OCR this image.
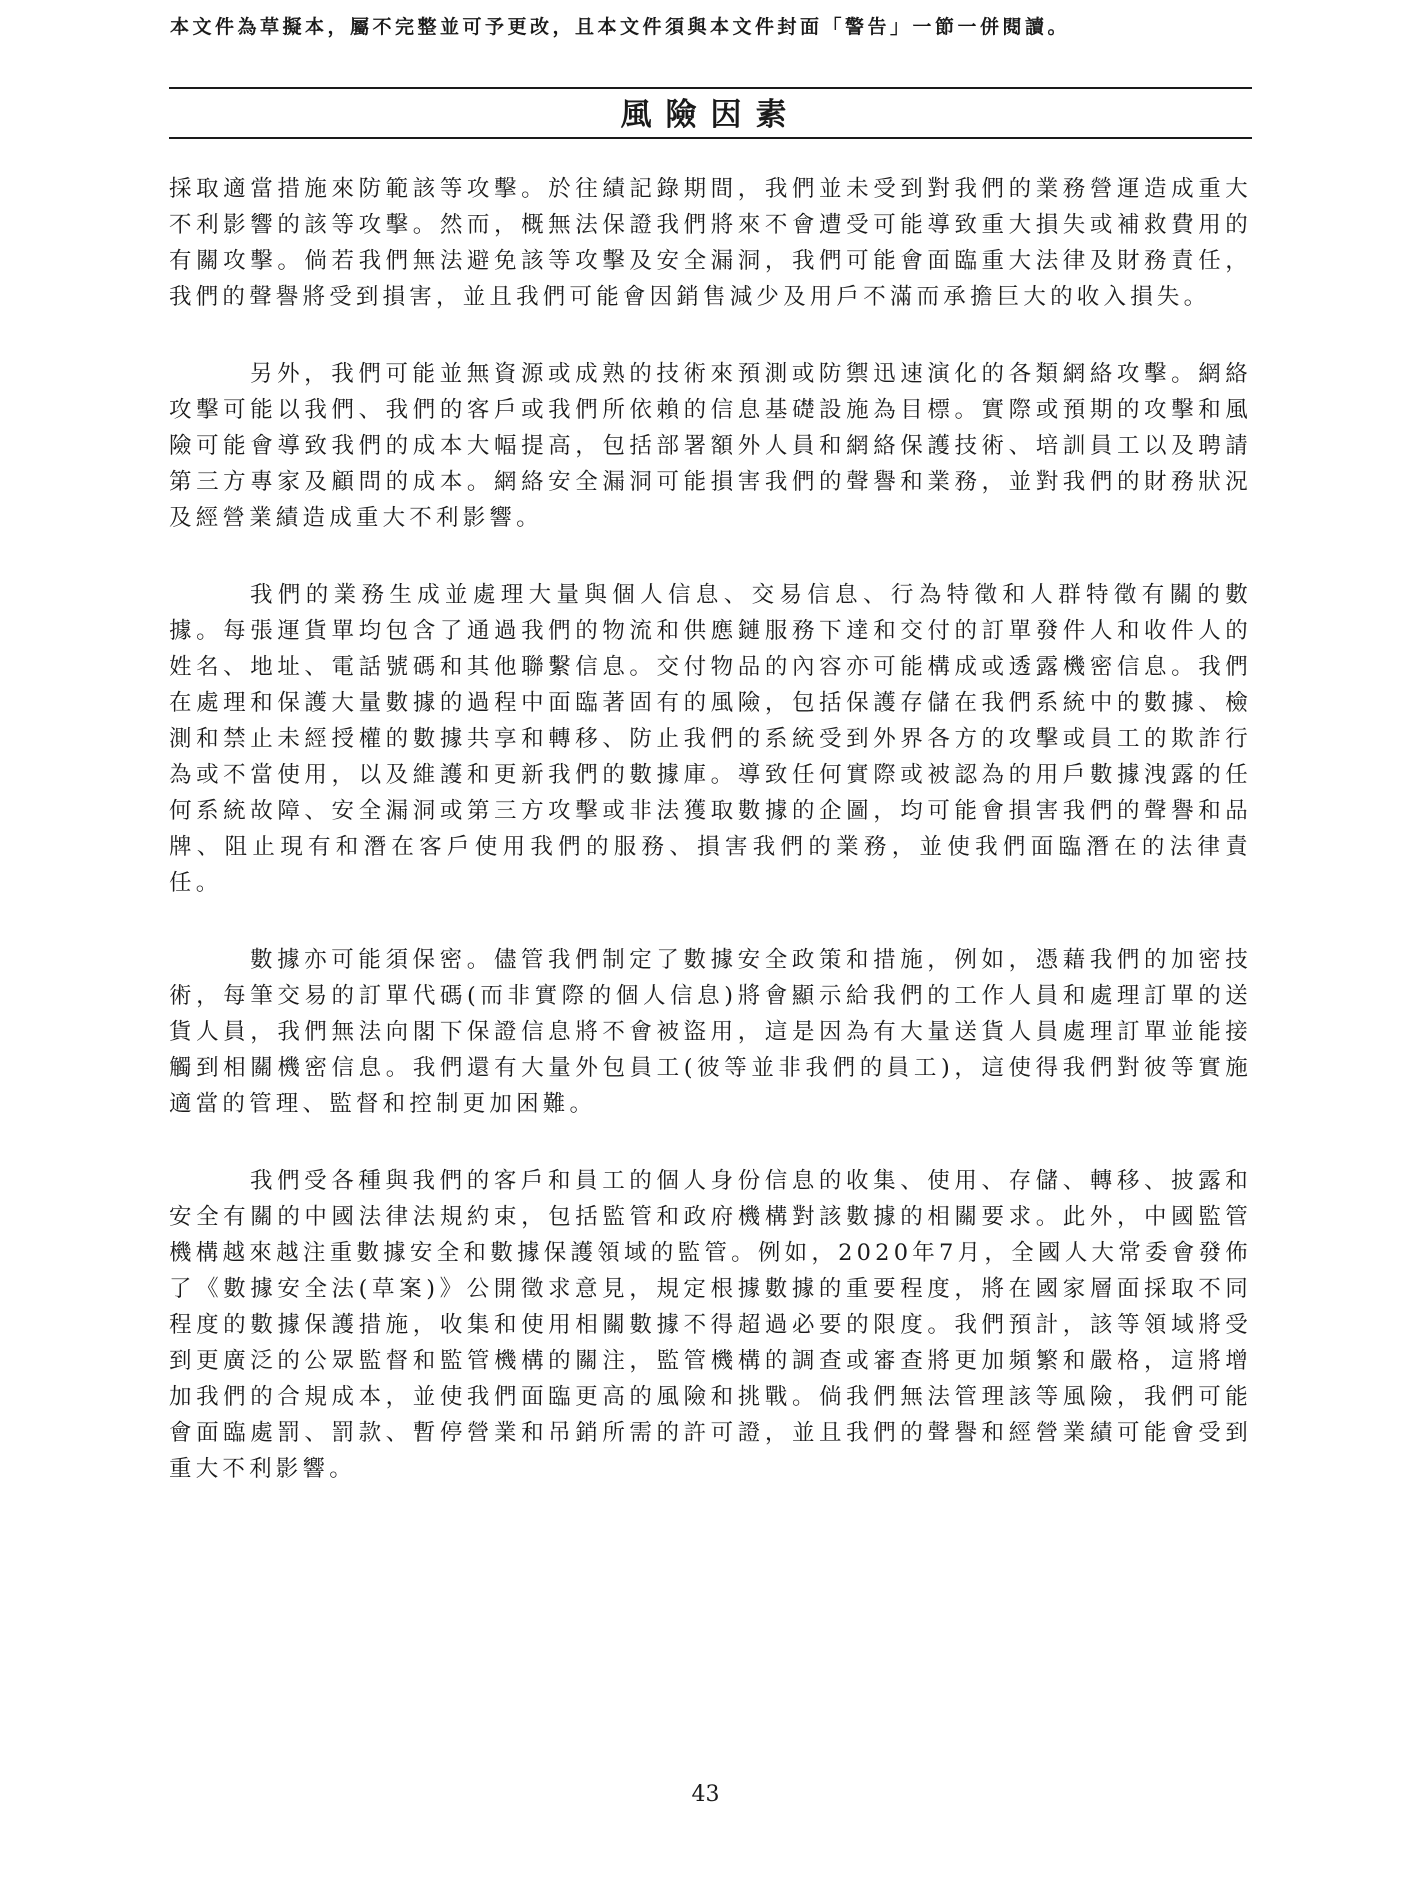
本文件為草擬本，屬不完整並可予更改，且本文件須與本文件封面「警告」一節一併閱讀。
風險因素

採取適當措施來防範該等攻擊。於往績記錄期間，我們並未受到對我們的業務營運造成重大不利影響的該等攻擊。然而，概無法保證我們將來不會遭受可能導致重大損失或補救費用的有關攻擊。倘若我們無法避免該等攻擊及安全漏洞，我們可能會面臨重大法律及財務責任，我們的聲譽將受到損害，並且我們可能會因銷售減少及用戶不滿而承擔巨大的收入損失。

另外，我們可能並無資源或成熟的技術來預測或防禦迅速演化的各類網絡攻擊。網絡攻擊可能以我們、我們的客戶或我們所依賴的信息基礎設施為目標。實際或預期的攻擊和風險可能會導致我們的成本大幅提高，包括部署額外人員和網絡保護技術、培訓員工以及聘請第三方專家及顧問的成本。網絡安全漏洞可能損害我們的聲譽和業務，並對我們的財務狀況及經營業績造成重大不利影響。

我們的業務生成並處理大量與個人信息、交易信息、行為特徵和人群特徵有關的數據。每張運貨單均包含了通過我們的物流和供應鏈服務下達和交付的訂單發件人和收件人的姓名、地址、電話號碼和其他聯繫信息。交付物品的內容亦可能構成或透露機密信息。我們在處理和保護大量數據的過程中面臨著固有的風險，包括保護存儲在我們系統中的數據、檢測和禁止未經授權的數據共享和轉移、防止我們的系統受到外界各方的攻擊或員工的欺詐行為或不當使用，以及維護和更新我們的數據庫。導致任何實際或被認為的用戶數據洩露的任何系統故障、安全漏洞或第三方攻擊或非法獲取數據的企圖，均可能會損害我們的聲譽和品牌、阻止現有和潛在客戶使用我們的服務、損害我們的業務，並使我們面臨潛在的法律責任。

數據亦可能須保密。儘管我們制定了數據安全政策和措施，例如，憑藉我們的加密技術，每筆交易的訂單代碼(而非實際的個人信息)將會顯示給我們的工作人員和處理訂單的送貨人員，我們無法向閣下保證信息將不會被盜用，這是因為有大量送貨人員處理訂單並能接觸到相關機密信息。我們還有大量外包員工(彼等並非我們的員工)，這使得我們對彼等實施適當的管理、監督和控制更加困難。

我們受各種與我們的客戶和員工的個人身份信息的收集、使用、存儲、轉移、披露和安全有關的中國法律法規約束，包括監管和政府機構對該數據的相關要求。此外，中國監管機構越來越注重數據安全和數據保護領域的監管。例如，2020年7月，全國人大常委會發佈了《數據安全法(草案)》公開徵求意見，規定根據數據的重要程度，將在國家層面採取不同程度的數據保護措施，收集和使用相關數據不得超過必要的限度。我們預計，該等領域將受到更廣泛的公眾監督和監管機構的關注，監管機構的調查或審查將更加頻繁和嚴格，這將增加我們的合規成本，並使我們面臨更高的風險和挑戰。倘我們無法管理該等風險，我們可能會面臨處罰、罰款、暫停營業和吊銷所需的許可證，並且我們的聲譽和經營業績可能會受到重大不利影響。

43
